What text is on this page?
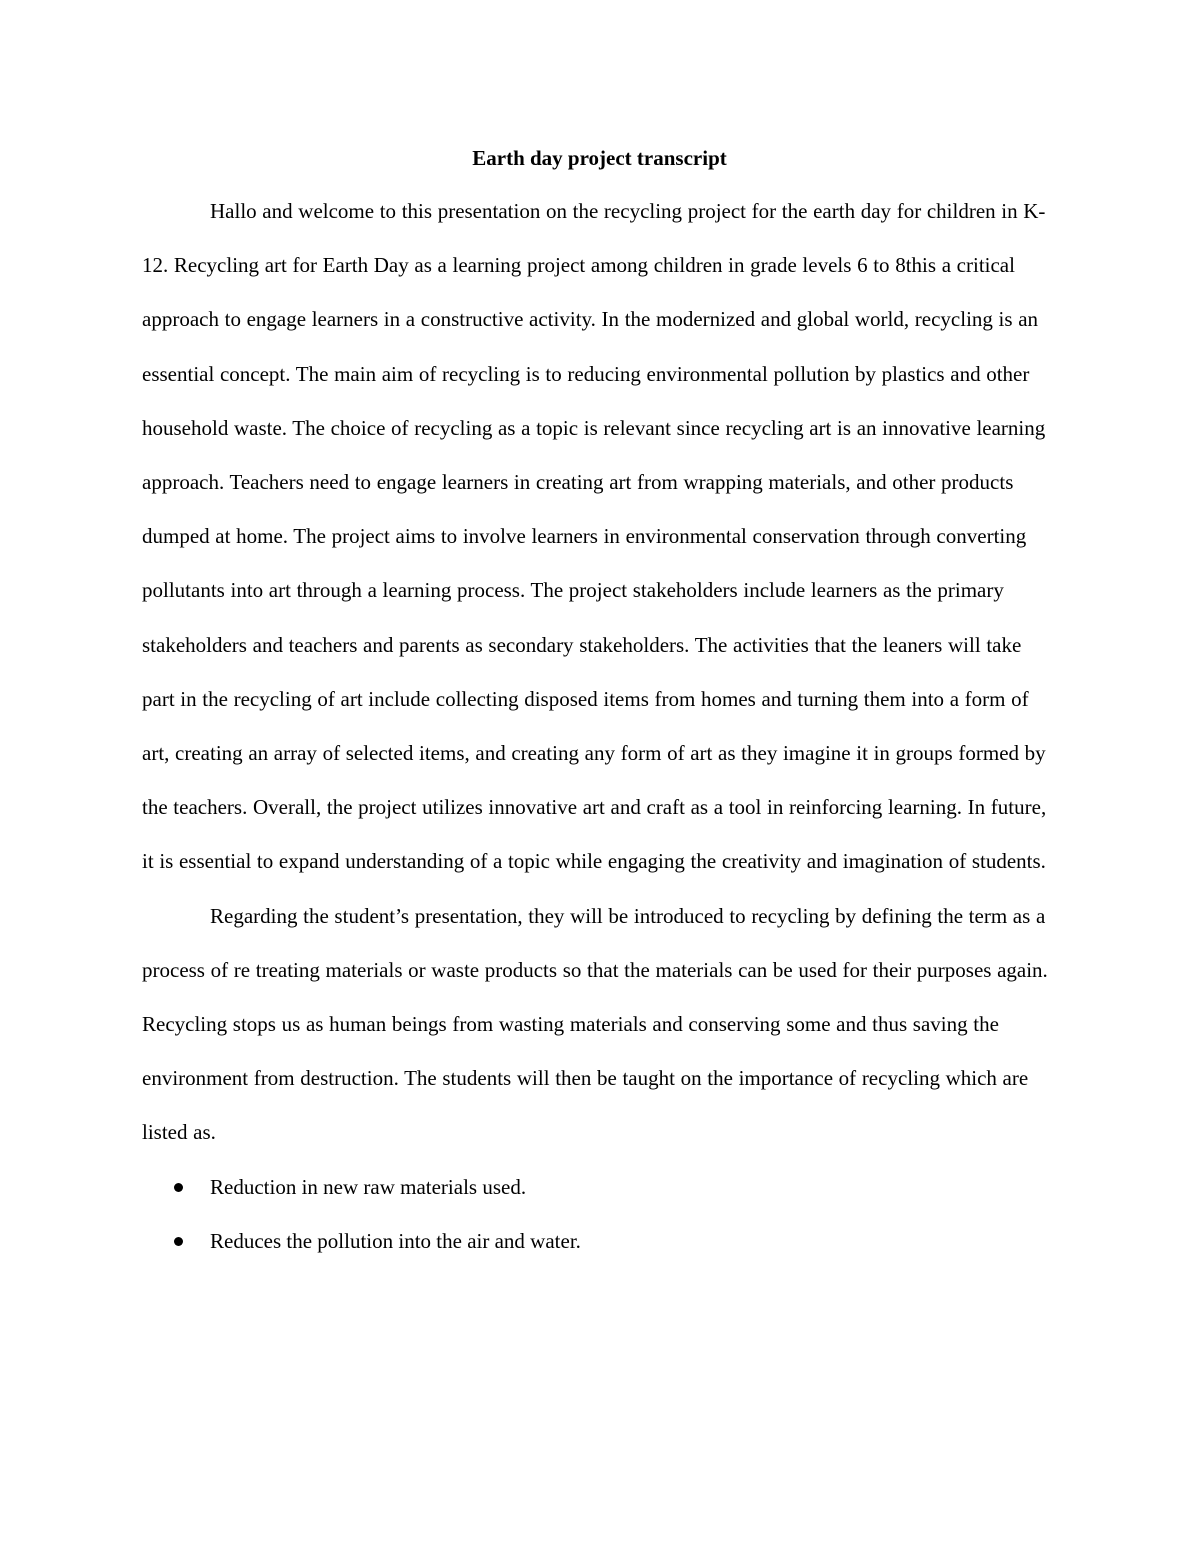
Earth day project transcript

Hallo and welcome to this presentation on the recycling project for the earth day for children in K-12. Recycling art for Earth Day as a learning project among children in grade levels 6 to 8this a critical approach to engage learners in a constructive activity. In the modernized and global world, recycling is an essential concept. The main aim of recycling is to reducing environmental pollution by plastics and other household waste. The choice of recycling as a topic is relevant since recycling art is an innovative learning approach. Teachers need to engage learners in creating art from wrapping materials, and other products dumped at home. The project aims to involve learners in environmental conservation through converting pollutants into art through a learning process. The project stakeholders include learners as the primary stakeholders and teachers and parents as secondary stakeholders. The activities that the leaners will take part in the recycling of art include collecting disposed items from homes and turning them into a form of art, creating an array of selected items, and creating any form of art as they imagine it in groups formed by the teachers. Overall, the project utilizes innovative art and craft as a tool in reinforcing learning. In future, it is essential to expand understanding of a topic while engaging the creativity and imagination of students.

Regarding the student’s presentation, they will be introduced to recycling by defining the term as a process of re treating materials or waste products so that the materials can be used for their purposes again. Recycling stops us as human beings from wasting materials and conserving some and thus saving the environment from destruction. The students will then be taught on the importance of recycling which are listed as.

Reduction in new raw materials used.
Reduces the pollution into the air and water.
